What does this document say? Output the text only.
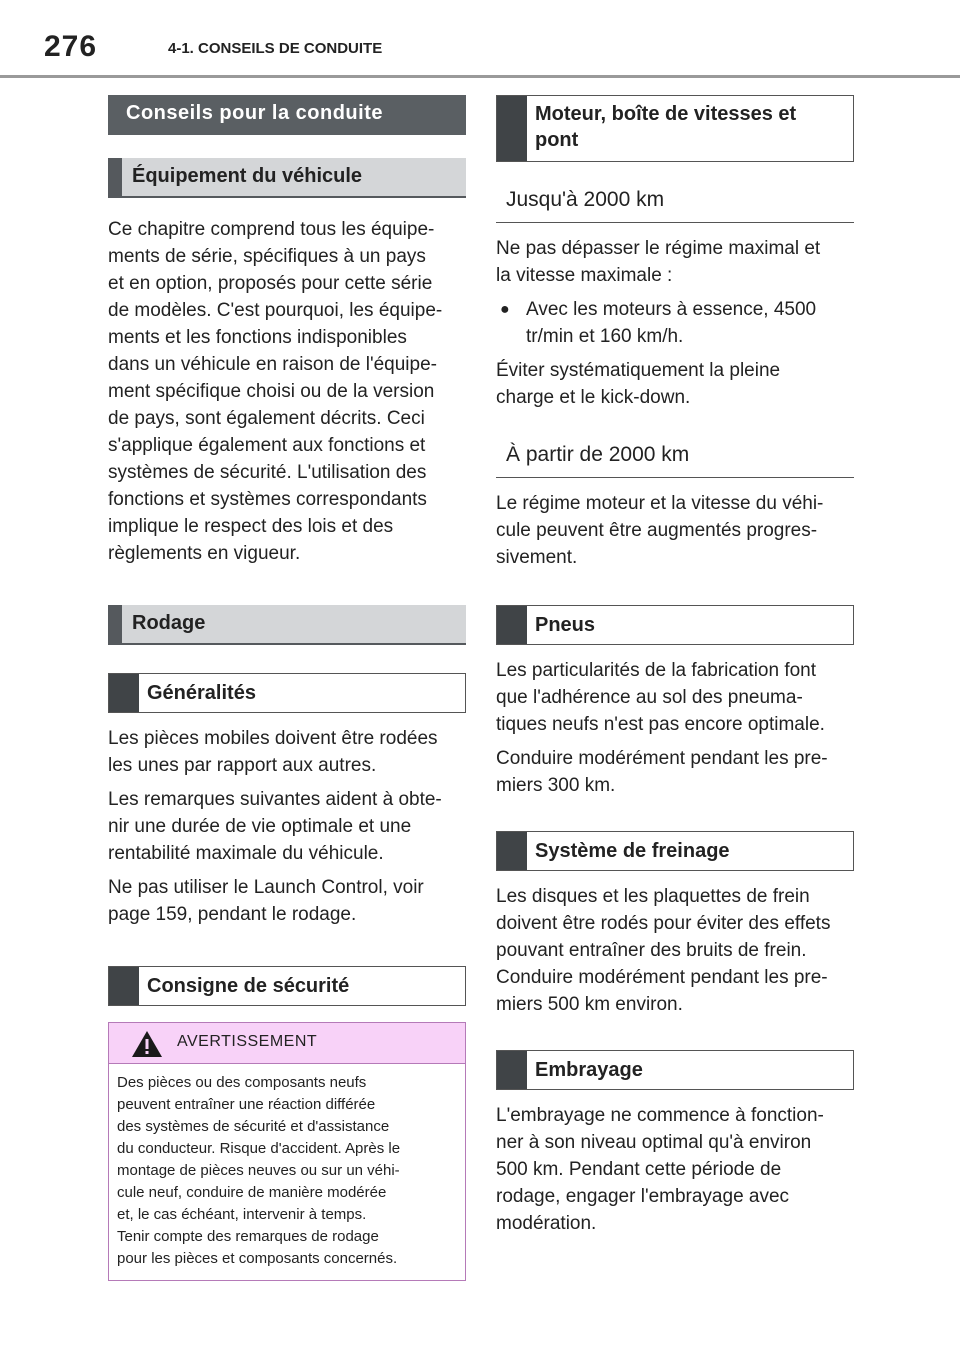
276	4-1. CONSEILS DE CONDUITE
Conseils pour la conduite
Équipement du véhicule

Ce chapitre comprend tous les équipe-
ments de série, spécifiques à un pays
et en option, proposés pour cette série
de modèles. C'est pourquoi, les équipe-
ments et les fonctions indisponibles
dans un véhicule en raison de l'équipe-
ment spécifique choisi ou de la version
de pays, sont également décrits. Ceci
s'applique également aux fonctions et
systèmes de sécurité. L'utilisation des
fonctions et systèmes correspondants
implique le respect des lois et des
règlements en vigueur.

Rodage
Généralités

Les pièces mobiles doivent être rodées
les unes par rapport aux autres.

Les remarques suivantes aident à obte-
nir une durée de vie optimale et une
rentabilité maximale du véhicule.

Ne pas utiliser le Launch Control, voir
page 159, pendant le rodage.

Consigne de sécurité
AVERTISSEMENT
Des pièces ou des composants neufs
peuvent entraîner une réaction différée
des systèmes de sécurité et d'assistance
du conducteur. Risque d'accident. Après le
montage de pièces neuves ou sur un véhi-
cule neuf, conduire de manière modérée
et, le cas échéant, intervenir à temps.
Tenir compte des remarques de rodage
pour les pièces et composants concernés.
Moteur, boîte de vitesses et
pont
Jusqu'à 2000 km

Ne pas dépasser le régime maximal et
la vitesse maximale :

● Avec les moteurs à essence, 4500
tr/min et 160 km/h.

Éviter systématiquement la pleine
charge et le kick-down.

À partir de 2000 km

Le régime moteur et la vitesse du véhi-
cule peuvent être augmentés progres-
sivement.

Pneus

Les particularités de la fabrication font
que l'adhérence au sol des pneuma-
tiques neufs n'est pas encore optimale.

Conduire modérément pendant les pre-
miers 300 km.

Système de freinage

Les disques et les plaquettes de frein
doivent être rodés pour éviter des effets
pouvant entraîner des bruits de frein.
Conduire modérément pendant les pre-
miers 500 km environ.

Embrayage

L'embrayage ne commence à fonction-
ner à son niveau optimal qu'à environ
500 km. Pendant cette période de
rodage, engager l'embrayage avec
modération.
